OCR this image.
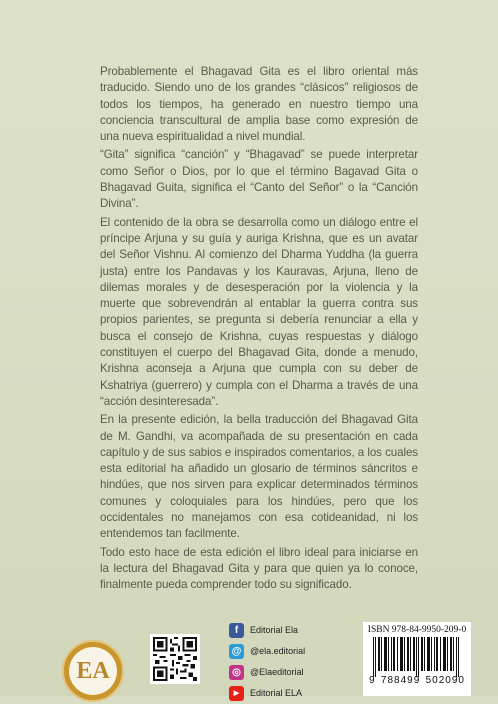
Probablemente el Bhagavad Gita es el libro oriental más traducido. Siendo uno de los grandes “clásicos” religiosos de todos los tiempos, ha generado en nuestro tiempo una conciencia transcultural de amplia base como expresión de una nueva espiritualidad a nivel mundial.

“Gita” significa “canción” y “Bhagavad” se puede interpretar como Señor o Dios, por lo que el término Bagavad Gita o Bhagavad Guita, significa el “Canto del Señor” o la “Canción Divina”.

El contenido de la obra se desarrolla como un diálogo entre el príncipe Arjuna y su guía y auriga Krishna, que es un avatar del Señor Vishnu. Al comienzo del Dharma Yuddha (la guerra justa) entre los Pandavas y los Kauravas, Arjuna, lleno de dilemas morales y de desesperación por la violencia y la muerte que sobrevendrán al entablar la guerra contra sus propios parientes, se pregunta si debería renunciar a ella y busca el consejo de Krishna, cuyas respuestas y diálogo constituyen el cuerpo del Bhagavad Gita, donde a menudo, Krishna aconseja a Arjuna que cumpla con su deber de Kshatriya (guerrero) y cumpla con el Dharma a través de una “acción desinteresada”.

En la presente edición, la bella traducción del Bhagavad Gita de M. Gandhi, va acompañada de su presentación en cada capítulo y de sus sabios e inspirados comentarios, a los cuales esta editorial ha añadido un glosario de términos sáncritos e hindúes, que nos sirven para explicar determinados términos comunes y coloquiales para los hindúes, pero que los occidentales no manejamos con esa cotideanidad, ni los entendemos tan facilmente.

Todo esto hace de esta edición el libro ideal para iniciarse en la lectura del Bhagavad Gita y para que quien ya lo conoce, finalmente pueda comprender todo su significado.

EA
f	Editorial Ela
@ @ela.editorial
◎	@Elaeditorial
▶	Editorial ELA
ISBN 978-84-9950-209-0
9 788499 502090
